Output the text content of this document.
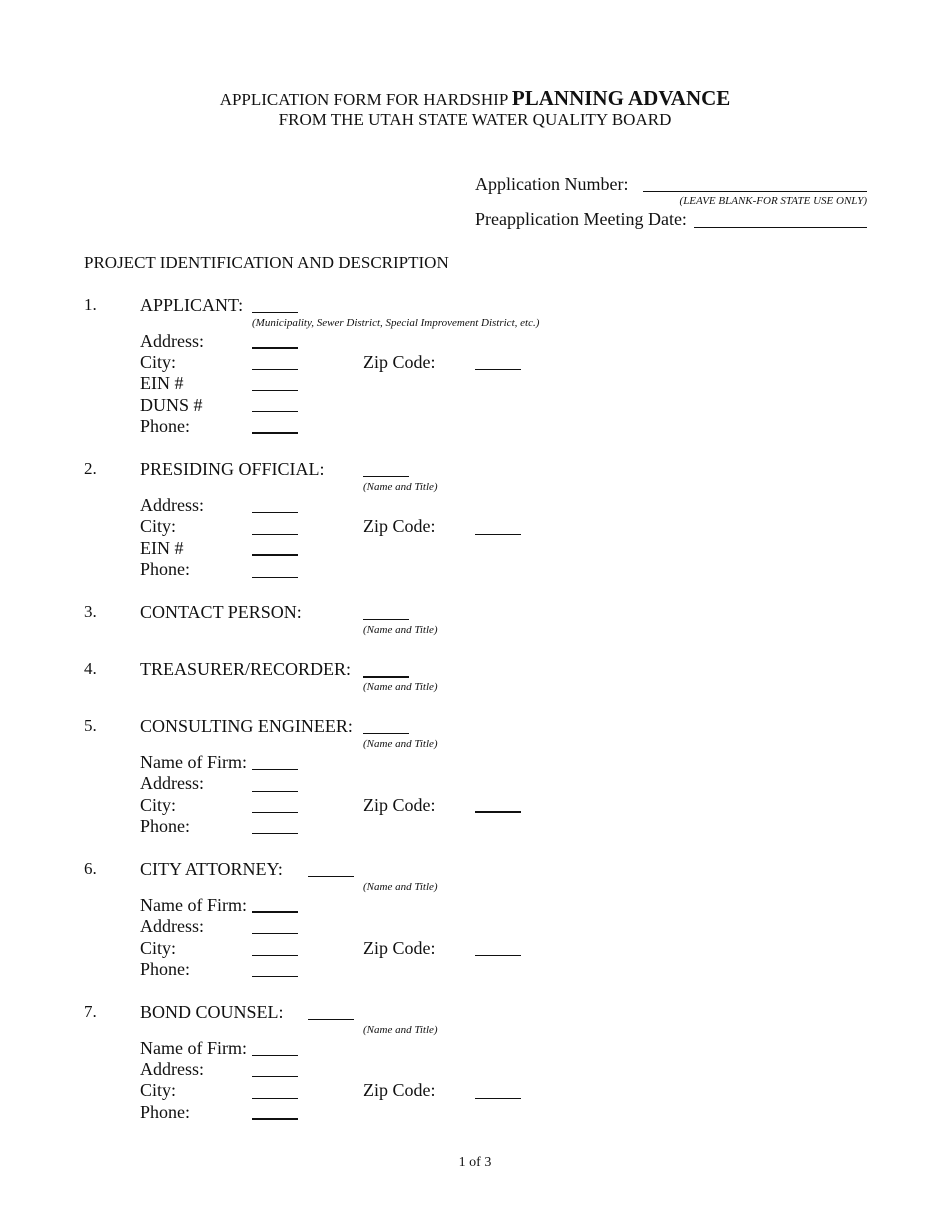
APPLICATION FORM FOR HARDSHIP PLANNING ADVANCE
FROM THE UTAH STATE WATER QUALITY BOARD
Application Number:
(LEAVE BLANK-FOR STATE USE ONLY)
Preapplication Meeting Date:
PROJECT IDENTIFICATION AND DESCRIPTION
1. APPLICANT:
(Municipality, Sewer District, Special Improvement District, etc.)
Address:
City:	Zip Code:
EIN #
DUNS #
Phone:
2. PRESIDING OFFICIAL:
(Name and Title)
Address:
City:	Zip Code:
EIN #
Phone:
3. CONTACT PERSON:
(Name and Title)
4. TREASURER/RECORDER:
(Name and Title)
5. CONSULTING ENGINEER:
(Name and Title)
Name of Firm:
Address:
City:	Zip Code:
Phone:
6. CITY ATTORNEY:
(Name and Title)
Name of Firm:
Address:
City:	Zip Code:
Phone:
7. BOND COUNSEL:
(Name and Title)
Name of Firm:
Address:
City:	Zip Code:
Phone:
1 of 3
